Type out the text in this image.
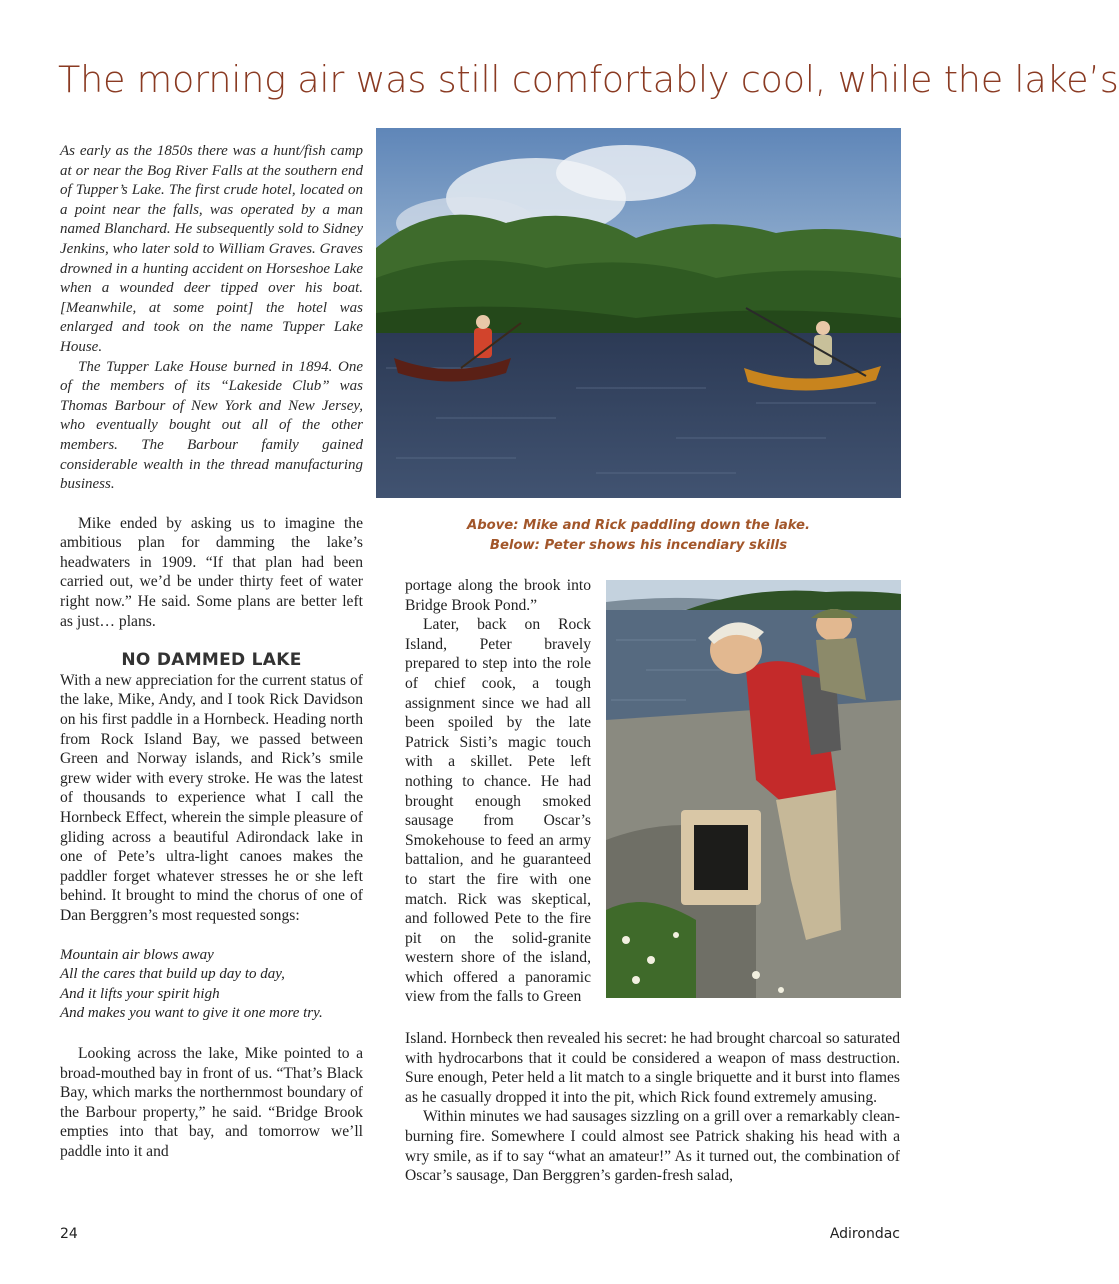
The morning air was still comfortably cool, while the lake’s

As early as the 1850s there was a hunt/fish camp at or near the Bog River Falls at the southern end of Tupper’s Lake. The first crude hotel, located on a point near the falls, was operated by a man named Blanchard. He subsequently sold to Sidney Jenkins, who later sold to William Graves. Graves drowned in a hunting accident on Horseshoe Lake when a wounded deer tipped over his boat. [Meanwhile, at some point] the hotel was enlarged and took on the name Tupper Lake House.

The Tupper Lake House burned in 1894. One of the members of its “Lakeside Club” was Thomas Barbour of New York and New Jersey, who eventually bought out all of the other members. The Barbour family gained considerable wealth in the thread manufacturing business.

Mike ended by asking us to imagine the ambitious plan for damming the lake’s headwaters in 1909. “If that plan had been carried out, we’d be under thirty feet of water right now.” He said. Some plans are better left as just… plans.

NO DAMMED LAKE

With a new appreciation for the current status of the lake, Mike, Andy, and I took Rick Davidson on his first paddle in a Hornbeck. Heading north from Rock Island Bay, we passed between Green and Norway islands, and Rick’s smile grew wider with every stroke. He was the latest of thousands to experience what I call the Hornbeck Effect, wherein the simple pleasure of gliding across a beautiful Adirondack lake in one of Pete’s ultra-light canoes makes the paddler forget whatever stresses he or she left behind. It brought to mind the chorus of one of Dan Berggren’s most requested songs:

Mountain air blows away
All the cares that build up day to day,
And it lifts your spirit high
And makes you want to give it one more try.

Looking across the lake, Mike pointed to a broad-mouthed bay in front of us. “That’s Black Bay, which marks the northernmost boundary of the Barbour property,” he said. “Bridge Brook empties into that bay, and tomorrow we’ll paddle into it and

Above: Mike and Rick paddling down the lake.
Below: Peter shows his incendiary skills

portage along the brook into Bridge Brook Pond.”

Later, back on Rock Island, Peter bravely prepared to step into the role of chief cook, a tough assignment since we had all been spoiled by the late Patrick Sisti’s magic touch with a skillet. Pete left nothing to chance. He had brought enough smoked sausage from Oscar’s Smokehouse to feed an army battalion, and he guaranteed to start the fire with one match. Rick was skeptical, and followed Pete to the fire pit on the solid-granite western shore of the island, which offered a panoramic view from the falls to Green

Island. Hornbeck then revealed his secret: he had brought charcoal so saturated with hydrocarbons that it could be considered a weapon of mass destruction. Sure enough, Peter held a lit match to a single briquette and it burst into flames as he casually dropped it into the pit, which Rick found extremely amusing.

Within minutes we had sausages sizzling on a grill over a remarkably clean-burning fire. Somewhere I could almost see Patrick shaking his head with a wry smile, as if to say “what an amateur!” As it turned out, the combination of Oscar’s sausage, Dan Berggren’s garden-fresh salad,

24	Adirondac
